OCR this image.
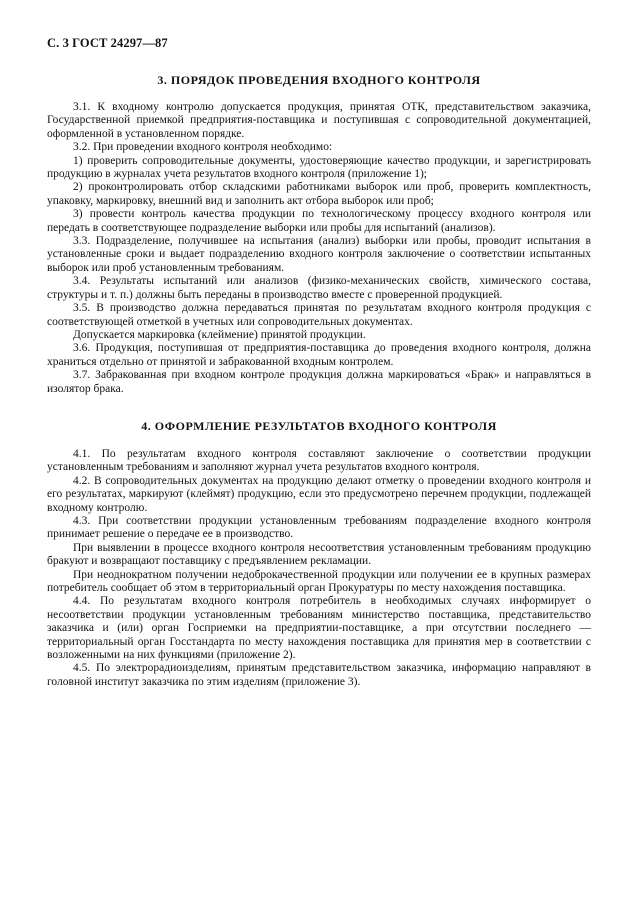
С. 3 ГОСТ 24297—87
3. ПОРЯДОК ПРОВЕДЕНИЯ ВХОДНОГО КОНТРОЛЯ

3.1. К входному контролю допускается продукция, принятая ОТК, представительством заказчика, Государственной приемкой предприятия-поставщика и поступившая с сопроводительной документацией, оформленной в установленном порядке.

3.2. При проведении входного контроля необходимо:

1) проверить сопроводительные документы, удостоверяющие качество продукции, и зарегистрировать продукцию в журналах учета результатов входного контроля (приложение 1);

2) проконтролировать отбор складскими работниками выборок или проб, проверить комплектность, упаковку, маркировку, внешний вид и заполнить акт отбора выборок или проб;

3) провести контроль качества продукции по технологическому процессу входного контроля или передать в соответствующее подразделение выборки или пробы для испытаний (анализов).

3.3. Подразделение, получившее на испытания (анализ) выборки или пробы, проводит испытания в установленные сроки и выдает подразделению входного контроля заключение о соответствии испытанных выборок или проб установленным требованиям.

3.4. Результаты испытаний или анализов (физико-механических свойств, химического состава, структуры и т. п.) должны быть переданы в производство вместе с проверенной продукцией.

3.5. В производство должна передаваться принятая по результатам входного контроля продукция с соответствующей отметкой в учетных или сопроводительных документах.

Допускается маркировка (клеймение) принятой продукции.

3.6. Продукция, поступившая от предприятия-поставщика до проведения входного контроля, должна храниться отдельно от принятой и забракованной входным контролем.

3.7. Забракованная при входном контроле продукция должна маркироваться «Брак» и направляться в изолятор брака.

4. ОФОРМЛЕНИЕ РЕЗУЛЬТАТОВ ВХОДНОГО КОНТРОЛЯ

4.1. По результатам входного контроля составляют заключение о соответствии продукции установленным требованиям и заполняют журнал учета результатов входного контроля.

4.2. В сопроводительных документах на продукцию делают отметку о проведении входного контроля и его результатах, маркируют (клеймят) продукцию, если это предусмотрено перечнем продукции, подлежащей входному контролю.

4.3. При соответствии продукции установленным требованиям подразделение входного контроля принимает решение о передаче ее в производство.

При выявлении в процессе входного контроля несоответствия установленным требованиям продукцию бракуют и возвращают поставщику с предъявлением рекламации.

При неоднократном получении недоброкачественной продукции или получении ее в крупных размерах потребитель сообщает об этом в территориальный орган Прокуратуры по месту нахождения поставщика.

4.4. По результатам входного контроля потребитель в необходимых случаях информирует о несоответствии продукции установленным требованиям министерство поставщика, представительство заказчика и (или) орган Госприемки на предприятии-поставщике, а при отсутствии последнего — территориальный орган Госстандарта по месту нахождения поставщика для принятия мер в соответствии с возложенными на них функциями (приложение 2).

4.5. По электрорадиоизделиям, принятым представительством заказчика, информацию направляют в головной институт заказчика по этим изделиям (приложение 3).
